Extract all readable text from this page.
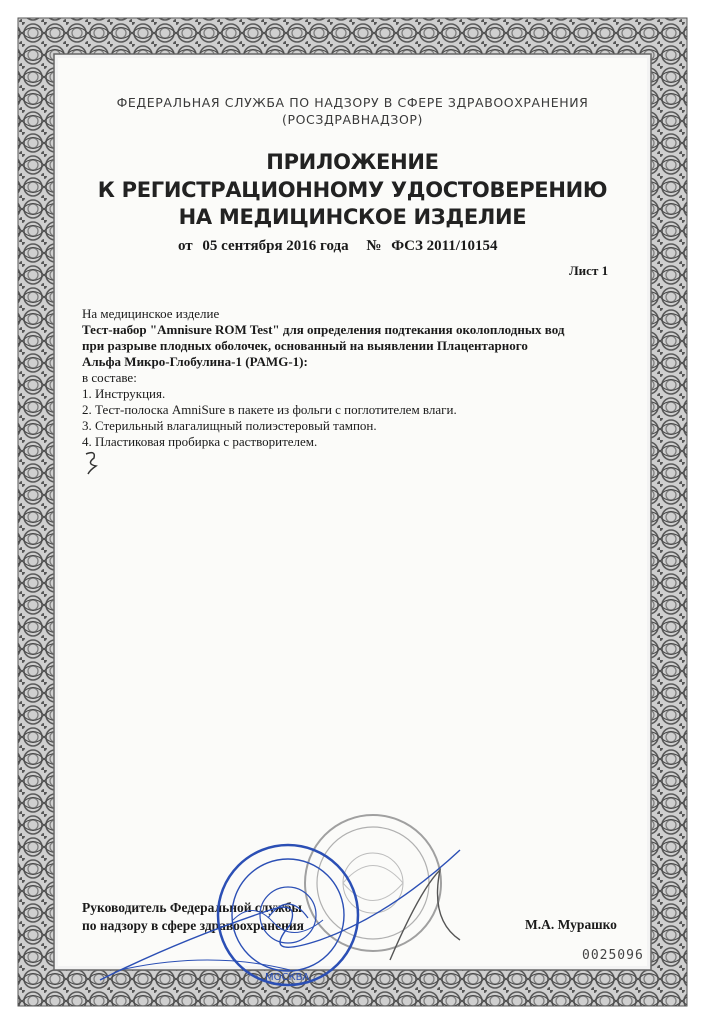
ФЕДЕРАЛЬНАЯ СЛУЖБА ПО НАДЗОРУ В СФЕРЕ ЗДРАВООХРАНЕНИЯ
(РОСЗДРАВНАДЗОР)
ПРИЛОЖЕНИЕ
К РЕГИСТРАЦИОННОМУ УДОСТОВЕРЕНИЮ
НА МЕДИЦИНСКОЕ ИЗДЕЛИЕ
от 05 сентября 2016 года № ФСЗ 2011/10154
Лист 1
На медицинское изделие
Тест-набор "Amnisure ROM Test" для определения подтекания околоплодных вод
при разрыве плодных оболочек, основанный на выявлении Плацентарного
Альфа Микро-Глобулина-1 (PAMG-1):
в составе:
1. Инструкция.
2. Тест-полоска AmniSure в пакете из фольги с поглотителем влаги.
3. Стерильный влагалищный полиэстеровый тампон.
4. Пластиковая пробирка с растворителем.
Руководитель Федеральной службы
по надзору в сфере здравоохранения
МОСКВА
М.А. Мурашко
0025096
